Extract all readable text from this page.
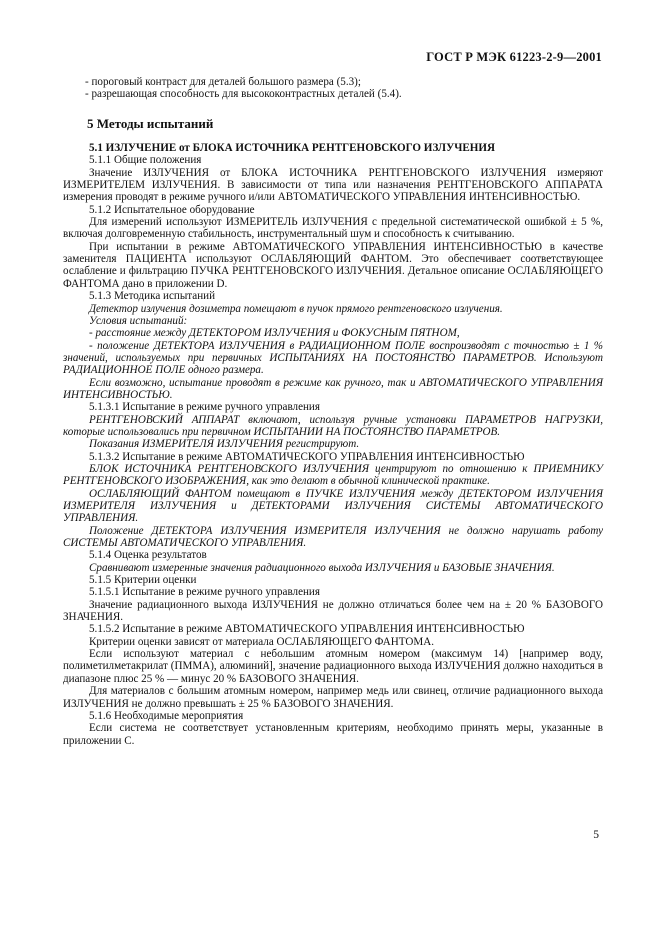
ГОСТ Р МЭК 61223-2-9—2001

- пороговый контраст для деталей большого размера (5.3);

- разрешающая способность для высококонтрастных деталей (5.4).

5 Методы испытаний

5.1 ИЗЛУЧЕНИЕ от БЛОКА ИСТОЧНИКА РЕНТГЕНОВСКОГО ИЗЛУЧЕНИЯ

5.1.1 Общие положения

Значение ИЗЛУЧЕНИЯ от БЛОКА ИСТОЧНИКА РЕНТГЕНОВСКОГО ИЗЛУЧЕНИЯ измеряют ИЗМЕРИТЕЛЕМ ИЗЛУЧЕНИЯ. В зависимости от типа или назначения РЕНТГЕНОВСКОГО АППАРАТА измерения проводят в режиме ручного и/или АВТОМАТИЧЕСКОГО УПРАВЛЕНИЯ ИНТЕНСИВНОСТЬЮ.

5.1.2 Испытательное оборудование

Для измерений используют ИЗМЕРИТЕЛЬ ИЗЛУЧЕНИЯ с предельной систематической ошибкой ± 5 %, включая долговременную стабильность, инструментальный шум и способность к считыванию.

При испытании в режиме АВТОМАТИЧЕСКОГО УПРАВЛЕНИЯ ИНТЕНСИВНОСТЬЮ в качестве заменителя ПАЦИЕНТА используют ОСЛАБЛЯЮЩИЙ ФАНТОМ. Это обеспечивает соответствующее ослабление и фильтрацию ПУЧКА РЕНТГЕНОВСКОГО ИЗЛУЧЕНИЯ. Детальное описание ОСЛАБЛЯЮЩЕГО ФАНТОМА дано в приложении D.

5.1.3 Методика испытаний

Детектор излучения дозиметра помещают в пучок прямого рентгеновского излучения.

Условия испытаний:

- расстояние между ДЕТЕКТОРОМ ИЗЛУЧЕНИЯ и ФОКУСНЫМ ПЯТНОМ,

- положение ДЕТЕКТОРА ИЗЛУЧЕНИЯ в РАДИАЦИОННОМ ПОЛЕ воспроизводят с точностью ± 1 % значений, используемых при первичных ИСПЫТАНИЯХ НА ПОСТОЯНСТВО ПАРАМЕТРОВ. Используют РАДИАЦИОННОЕ ПОЛЕ одного размера.

Если возможно, испытание проводят в режиме как ручного, так и АВТОМАТИЧЕСКОГО УПРАВЛЕНИЯ ИНТЕНСИВНОСТЬЮ.

5.1.3.1 Испытание в режиме ручного управления

РЕНТГЕНОВСКИЙ АППАРАТ включают, используя ручные установки ПАРАМЕТРОВ НАГРУЗКИ, которые использовались при первичном ИСПЫТАНИИ НА ПОСТОЯНСТВО ПАРАМЕТРОВ.

Показания ИЗМЕРИТЕЛЯ ИЗЛУЧЕНИЯ регистрируют.

5.1.3.2 Испытание в режиме АВТОМАТИЧЕСКОГО УПРАВЛЕНИЯ ИНТЕНСИВНОСТЬЮ

БЛОК ИСТОЧНИКА РЕНТГЕНОВСКОГО ИЗЛУЧЕНИЯ центрируют по отношению к ПРИЕМНИКУ РЕНТГЕНОВСКОГО ИЗОБРАЖЕНИЯ, как это делают в обычной клинической практике.

ОСЛАБЛЯЮЩИЙ ФАНТОМ помещают в ПУЧКЕ ИЗЛУЧЕНИЯ между ДЕТЕКТОРОМ ИЗЛУЧЕНИЯ ИЗМЕРИТЕЛЯ ИЗЛУЧЕНИЯ и ДЕТЕКТОРАМИ ИЗЛУЧЕНИЯ СИСТЕМЫ АВТОМАТИЧЕСКОГО УПРАВЛЕНИЯ.

Положение ДЕТЕКТОРА ИЗЛУЧЕНИЯ ИЗМЕРИТЕЛЯ ИЗЛУЧЕНИЯ не должно нарушать работу СИСТЕМЫ АВТОМАТИЧЕСКОГО УПРАВЛЕНИЯ.

5.1.4 Оценка результатов

Сравнивают измеренные значения радиационного выхода ИЗЛУЧЕНИЯ и БАЗОВЫЕ ЗНАЧЕНИЯ.

5.1.5 Критерии оценки

5.1.5.1 Испытание в режиме ручного управления

Значение радиационного выхода ИЗЛУЧЕНИЯ не должно отличаться более чем на ± 20 % БАЗОВОГО ЗНАЧЕНИЯ.

5.1.5.2 Испытание в режиме АВТОМАТИЧЕСКОГО УПРАВЛЕНИЯ ИНТЕНСИВНОСТЬЮ

Критерии оценки зависят от материала ОСЛАБЛЯЮЩЕГО ФАНТОМА.

Если используют материал с небольшим атомным номером (максимум 14) [например воду, полиметилметакрилат (ПММА), алюминий], значение радиационного выхода ИЗЛУЧЕНИЯ должно находиться в диапазоне плюс 25 % — минус 20 % БАЗОВОГО ЗНАЧЕНИЯ.

Для материалов с большим атомным номером, например медь или свинец, отличие радиационного выхода ИЗЛУЧЕНИЯ не должно превышать ± 25 % БАЗОВОГО ЗНАЧЕНИЯ.

5.1.6 Необходимые мероприятия

Если система не соответствует установленным критериям, необходимо принять меры, указанные в приложении С.

5
